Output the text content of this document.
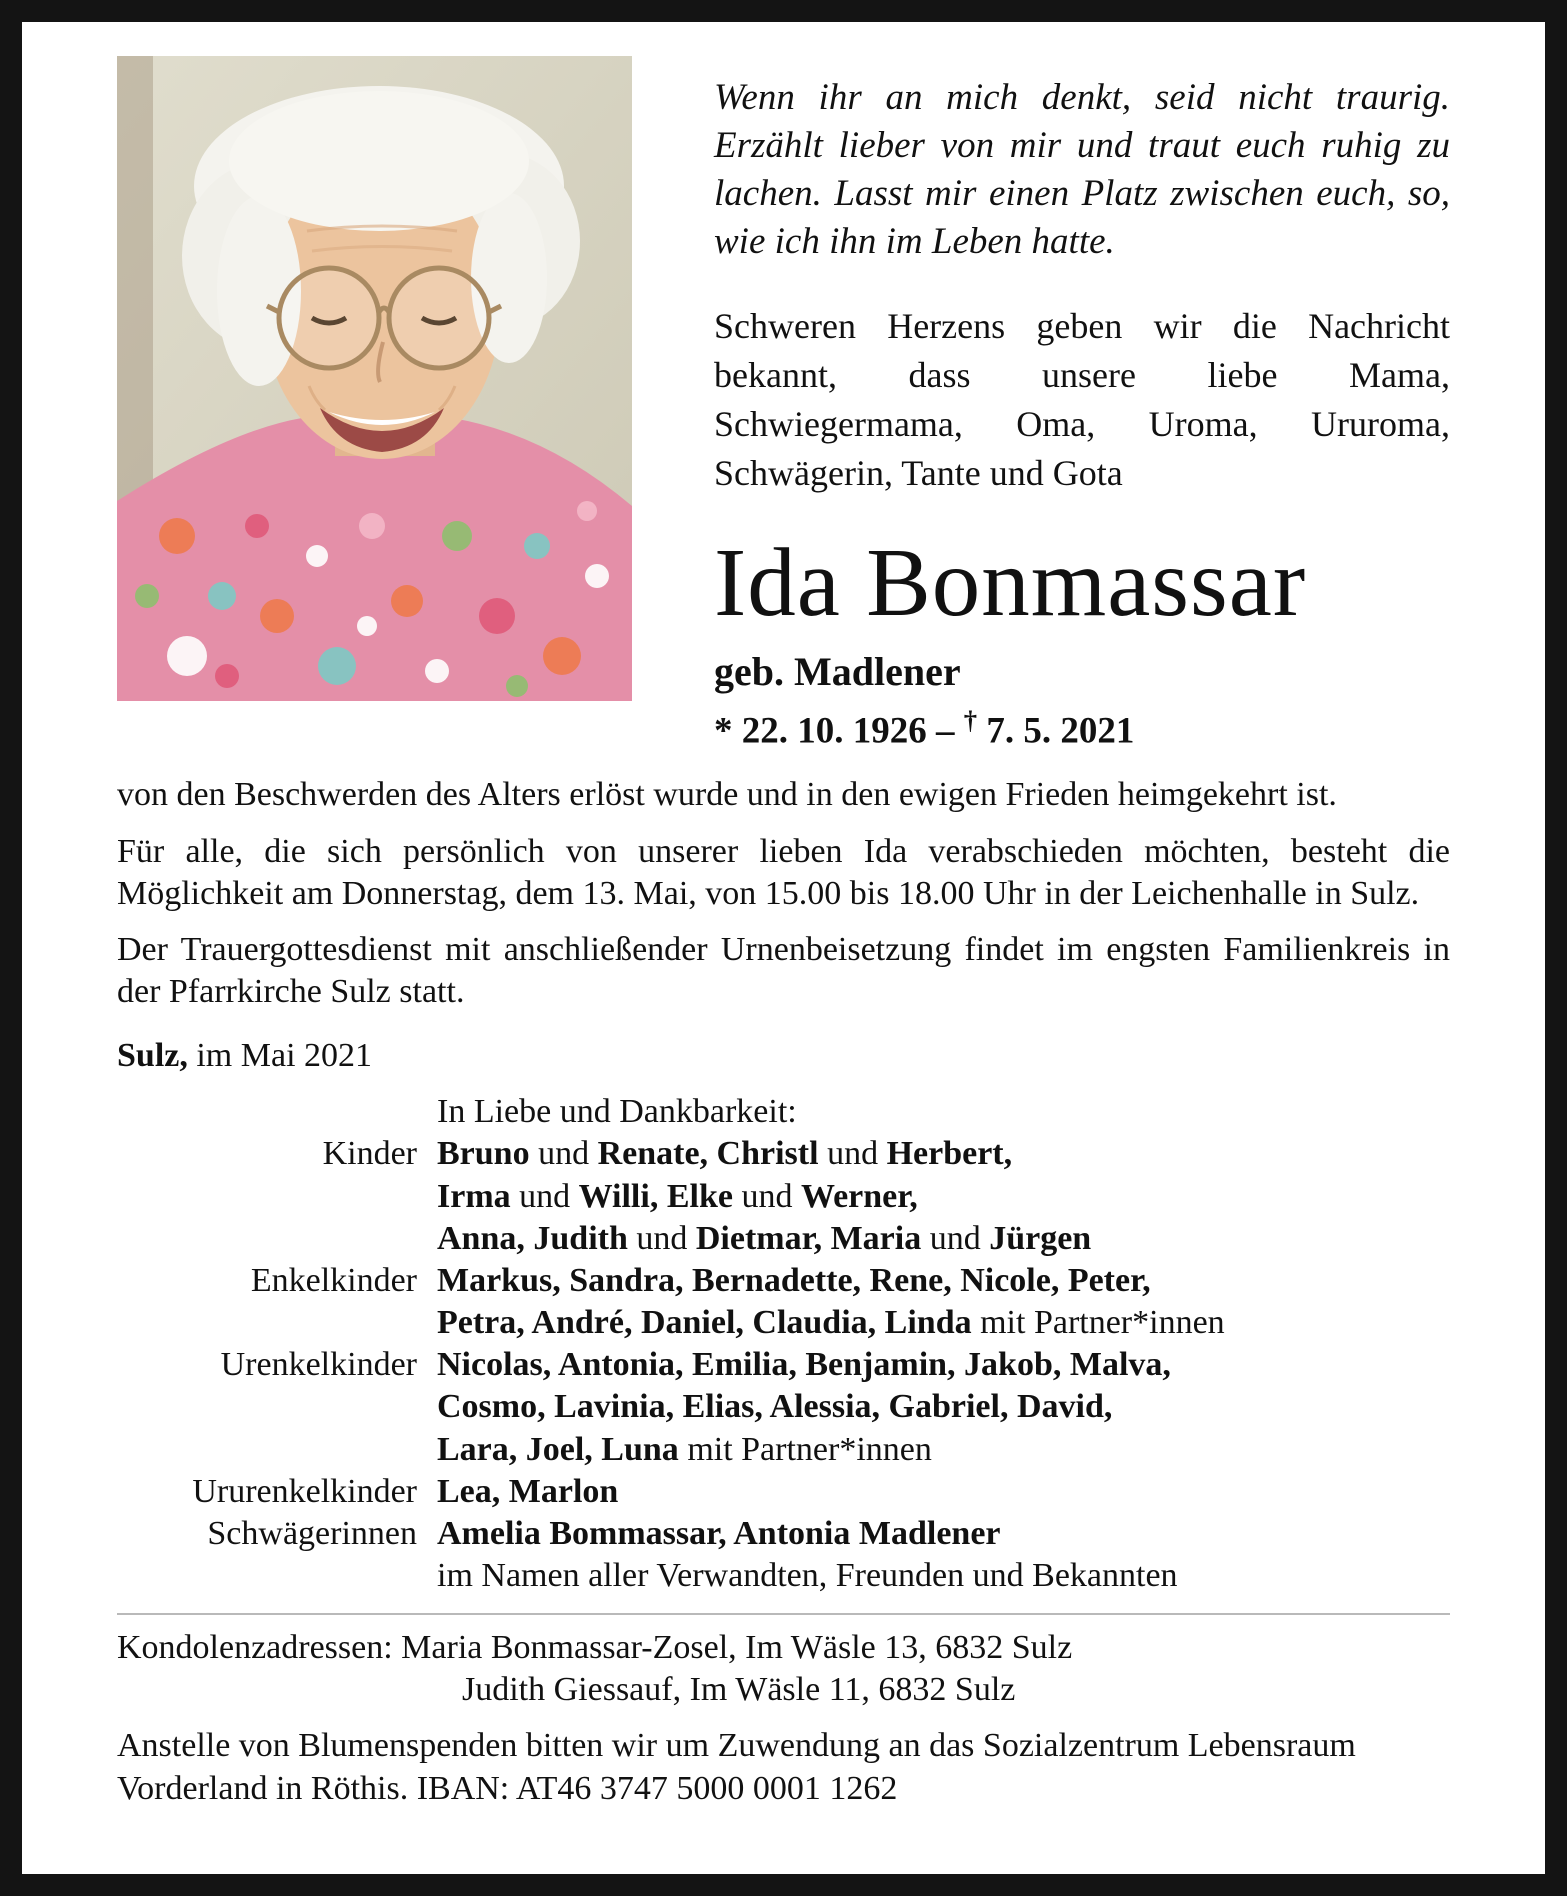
Wenn ihr an mich denkt, seid nicht traurig. Erzählt lieber von mir und traut euch ruhig zu lachen. Lasst mir einen Platz zwischen euch, so, wie ich ihn im Leben hatte.
Schweren Herzens geben wir die Nachricht bekannt, dass unsere liebe Mama, Schwiegermama, Oma, Uroma, Ururoma, Schwägerin, Tante und Gota
Ida Bonmassar
geb. Madlener
* 22. 10. 1926 – † 7. 5. 2021

von den Beschwerden des Alters erlöst wurde und in den ewigen Frieden heimgekehrt ist.

Für alle, die sich persönlich von unserer lieben Ida verabschieden möchten, besteht die Möglichkeit am Donnerstag, dem 13. Mai, von 15.00 bis 18.00 Uhr in der Leichenhalle in Sulz.

Der Trauergottesdienst mit anschließender Urnenbeisetzung findet im engsten Familienkreis in der Pfarrkirche Sulz statt.

Sulz, im Mai 2021
In Liebe und Dankbarkeit:
Kinder Bruno und Renate, Christl und Herbert,
Irma und Willi, Elke und Werner,
Anna, Judith und Dietmar, Maria und Jürgen
Enkelkinder Markus, Sandra, Bernadette, Rene, Nicole, Peter,
Petra, André, Daniel, Claudia, Linda mit Partner*innen
Urenkelkinder Nicolas, Antonia, Emilia, Benjamin, Jakob, Malva,
Cosmo, Lavinia, Elias, Alessia, Gabriel, David,
Lara, Joel, Luna mit Partner*innen
Ururenkelkinder Lea, Marlon
Schwägerinnen Amelia Bommassar, Antonia Madlener
im Namen aller Verwandten, Freunden und Bekannten
Kondolenzadressen: Maria Bonmassar-Zosel, Im Wäsle 13, 6832 Sulz
Judith Giessauf, Im Wäsle 11, 6832 Sulz
Anstelle von Blumenspenden bitten wir um Zuwendung an das Sozialzentrum Lebensraum Vorderland in Röthis. IBAN: AT46 3747 5000 0001 1262
